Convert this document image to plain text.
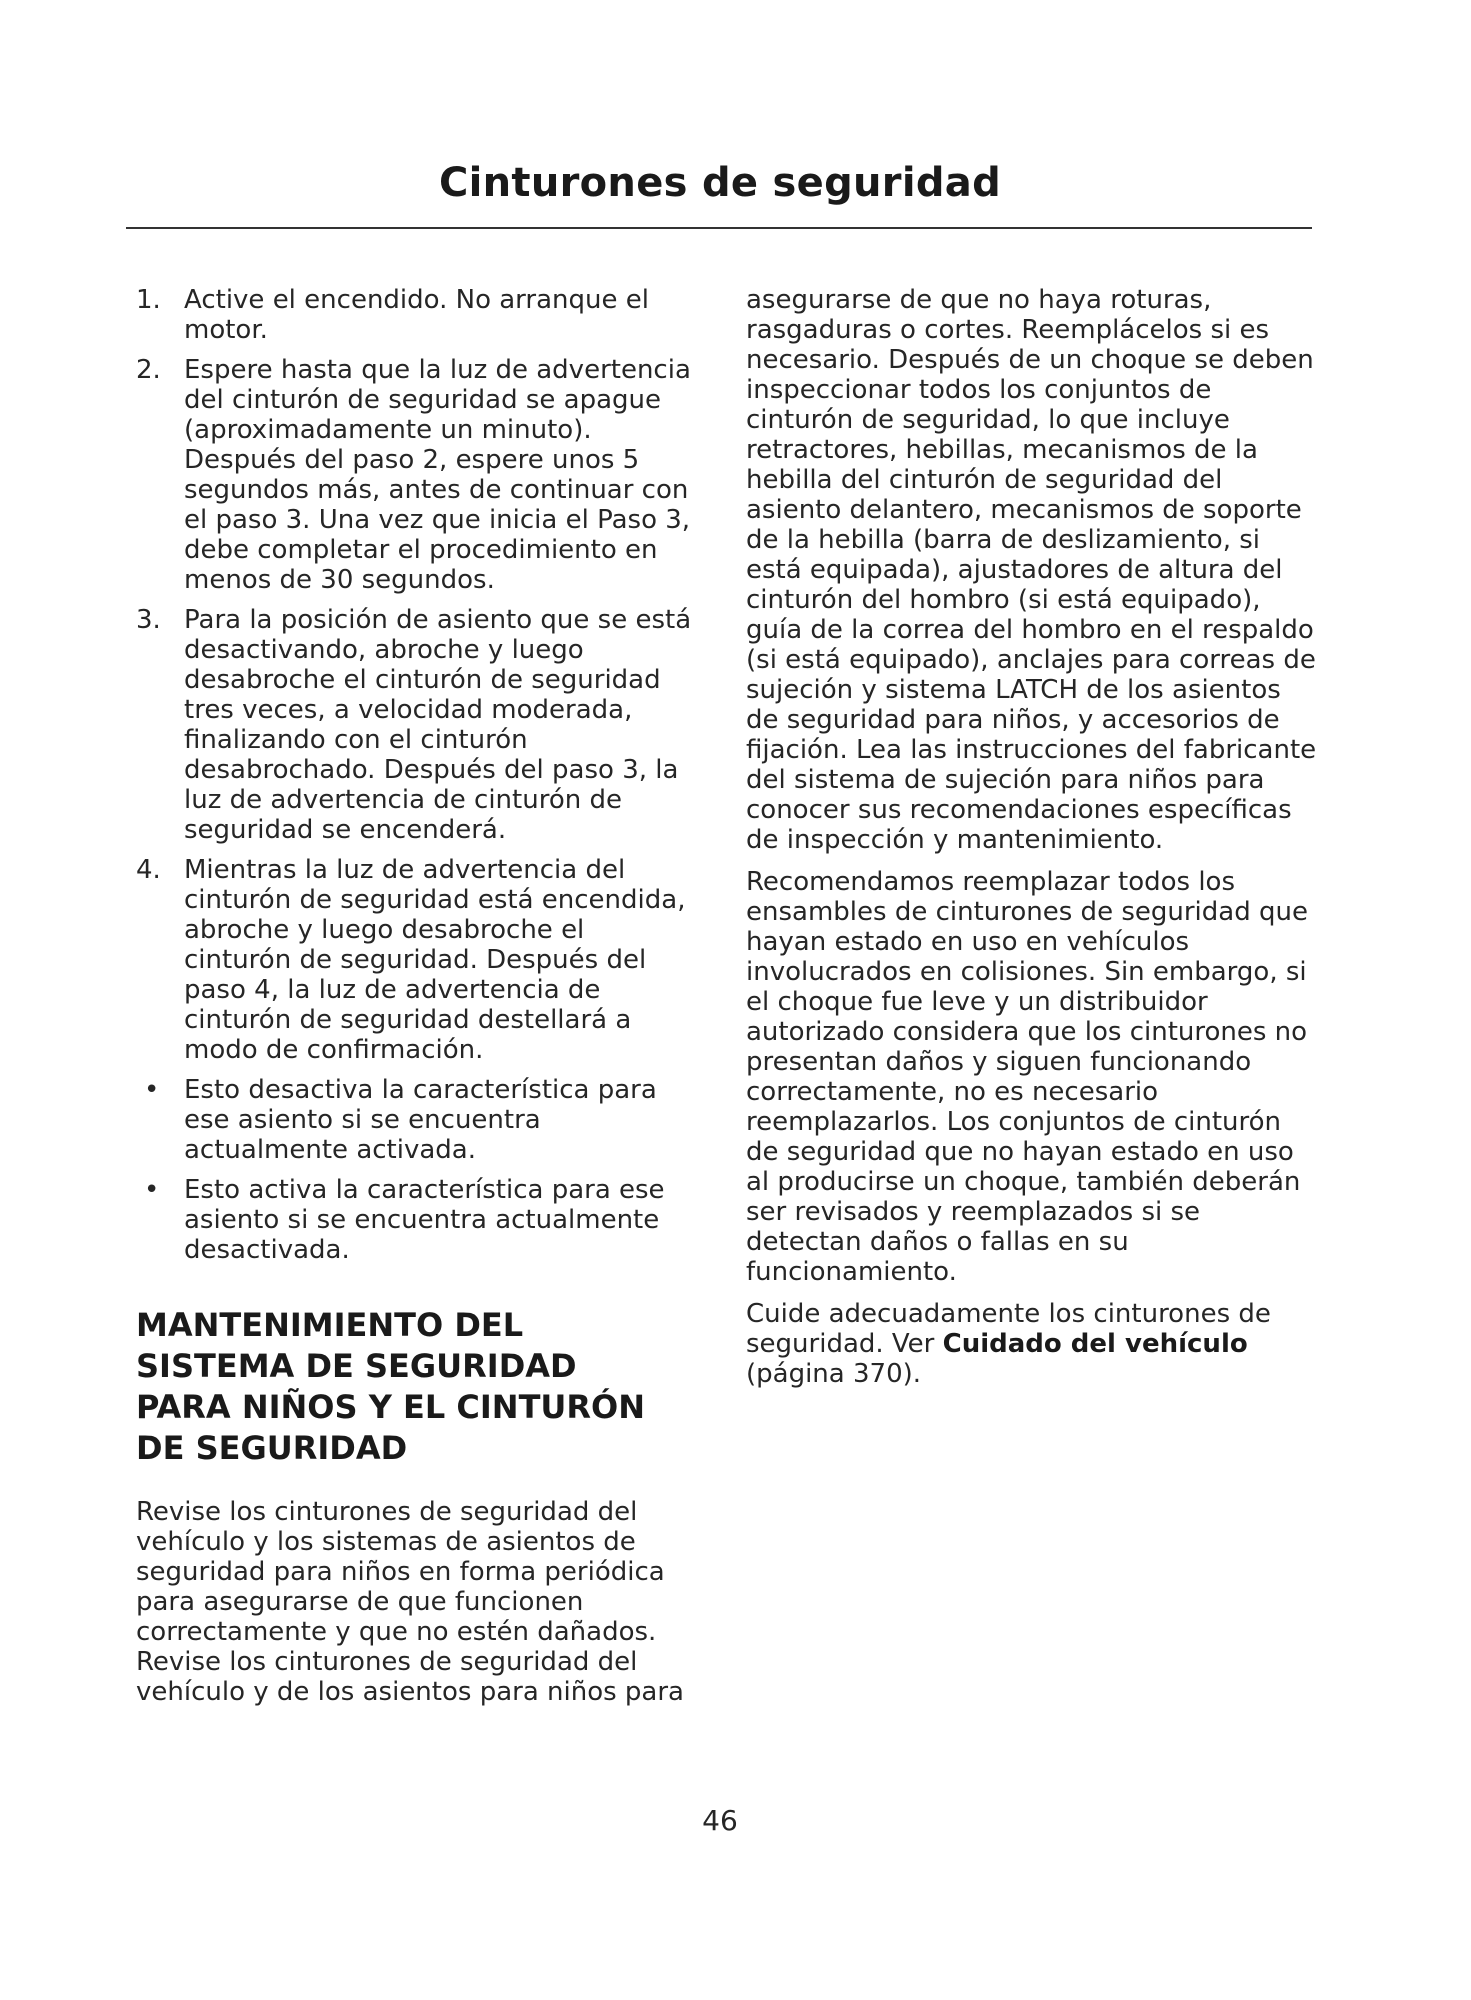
Cinturones de seguridad
1. Active el encendido. No arranque el motor.
2. Espere hasta que la luz de advertencia del cinturón de seguridad se apague (aproximadamente un minuto). Después del paso 2, espere unos 5 segundos más, antes de continuar con el paso 3. Una vez que inicia el Paso 3, debe completar el procedimiento en menos de 30 segundos.
3. Para la posición de asiento que se está desactivando, abroche y luego desabroche el cinturón de seguridad tres veces, a velocidad moderada, finalizando con el cinturón desabrochado. Después del paso 3, la luz de advertencia de cinturón de seguridad se encenderá.
4. Mientras la luz de advertencia del cinturón de seguridad está encendida, abroche y luego desabroche el cinturón de seguridad. Después del paso 4, la luz de advertencia de cinturón de seguridad destellará a modo de confirmación.
• Esto desactiva la característica para ese asiento si se encuentra actualmente activada.
• Esto activa la característica para ese asiento si se encuentra actualmente desactivada.
MANTENIMIENTO DEL
SISTEMA DE SEGURIDAD
PARA NIÑOS Y EL CINTURÓN
DE SEGURIDAD
Revise los cinturones de seguridad del vehículo y los sistemas de asientos de seguridad para niños en forma periódica para asegurarse de que funcionen correctamente y que no estén dañados. Revise los cinturones de seguridad del vehículo y de los asientos para niños para
asegurarse de que no haya roturas, rasgaduras o cortes. Reemplácelos si es necesario. Después de un choque se deben inspeccionar todos los conjuntos de cinturón de seguridad, lo que incluye retractores, hebillas, mecanismos de la hebilla del cinturón de seguridad del asiento delantero, mecanismos de soporte de la hebilla (barra de deslizamiento, si está equipada), ajustadores de altura del cinturón del hombro (si está equipado), guía de la correa del hombro en el respaldo (si está equipado), anclajes para correas de sujeción y sistema LATCH de los asientos de seguridad para niños, y accesorios de fijación. Lea las instrucciones del fabricante del sistema de sujeción para niños para conocer sus recomendaciones específicas de inspección y mantenimiento.
Recomendamos reemplazar todos los ensambles de cinturones de seguridad que hayan estado en uso en vehículos involucrados en colisiones. Sin embargo, si el choque fue leve y un distribuidor autorizado considera que los cinturones no presentan daños y siguen funcionando correctamente, no es necesario reemplazarlos. Los conjuntos de cinturón de seguridad que no hayan estado en uso al producirse un choque, también deberán ser revisados y reemplazados si se detectan daños o fallas en su funcionamiento.
Cuide adecuadamente los cinturones de seguridad. Ver Cuidado del vehículo (página 370).
46
